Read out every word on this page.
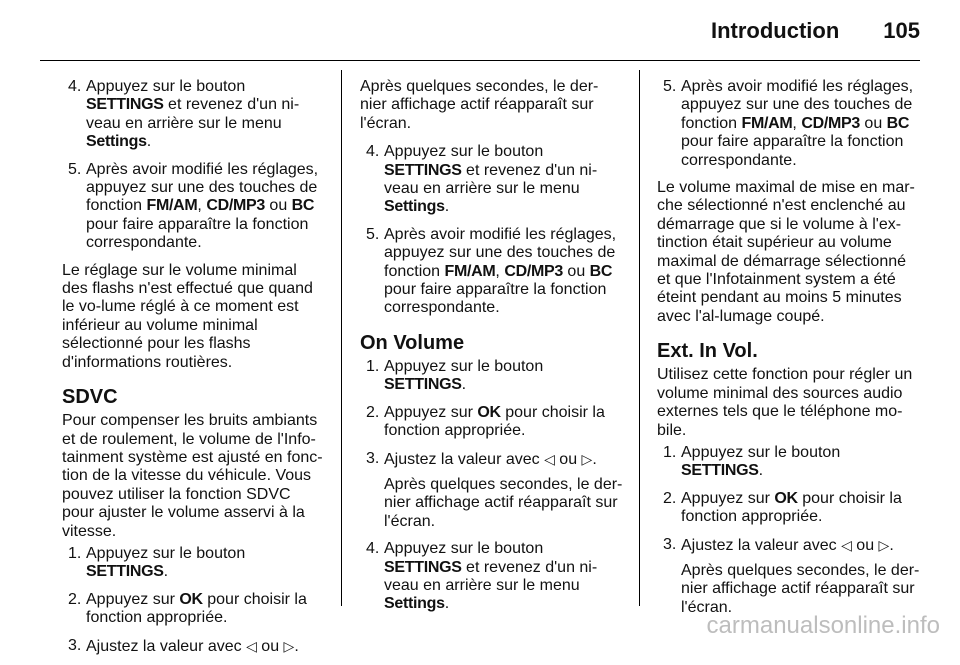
Introduction 105
4. Appuyez sur le bouton
SETTINGS et revenez d'un ni-veau en arrière sur le menu Settings.
5. Après avoir modifié les réglages, appuyez sur une des touches de fonction FM/AM, CD/MP3 ou BC pour faire apparaître la fonction correspondante.

Le réglage sur le volume minimal des flashs n'est effectué que quand le vo-lume réglé à ce moment est inférieur au volume minimal sélectionné pour les flashs d'informations routières.

SDVC

Pour compenser les bruits ambiants et de roulement, le volume de l'Info-tainment système est ajusté en fonc-tion de la vitesse du véhicule. Vous pouvez utiliser la fonction SDVC pour ajuster le volume asservi à la vitesse.

1. Appuyez sur le bouton
SETTINGS.
2. Appuyez sur OK pour choisir la fonction appropriée.
3. Ajustez la valeur avec ◁ ou ▷.

Après quelques secondes, le der-nier affichage actif réapparaît sur l'écran.

4. Appuyez sur le bouton
SETTINGS et revenez d'un ni-veau en arrière sur le menu Settings.
5. Après avoir modifié les réglages, appuyez sur une des touches de fonction FM/AM, CD/MP3 ou BC pour faire apparaître la fonction correspondante.
On Volume
1. Appuyez sur le bouton
SETTINGS.
2. Appuyez sur OK pour choisir la fonction appropriée.
3. Ajustez la valeur avec ◁ ou ▷.
Après quelques secondes, le der-nier affichage actif réapparaît sur l'écran.
4. Appuyez sur le bouton
SETTINGS et revenez d'un ni-veau en arrière sur le menu Settings.
5. Après avoir modifié les réglages, appuyez sur une des touches de fonction FM/AM, CD/MP3 ou BC pour faire apparaître la fonction correspondante.

Le volume maximal de mise en mar-che sélectionné n'est enclenché au démarrage que si le volume à l'ex-tinction était supérieur au volume maximal de démarrage sélectionné et que l'Infotainment system a été éteint pendant au moins 5 minutes avec l'al-lumage coupé.

Ext. In Vol.

Utilisez cette fonction pour régler un volume minimal des sources audio externes tels que le téléphone mo-bile.

1. Appuyez sur le bouton
SETTINGS.
2. Appuyez sur OK pour choisir la fonction appropriée.
3. Ajustez la valeur avec ◁ ou ▷.
Après quelques secondes, le der-nier affichage actif réapparaît sur l'écran.
carmanualsonline.info
